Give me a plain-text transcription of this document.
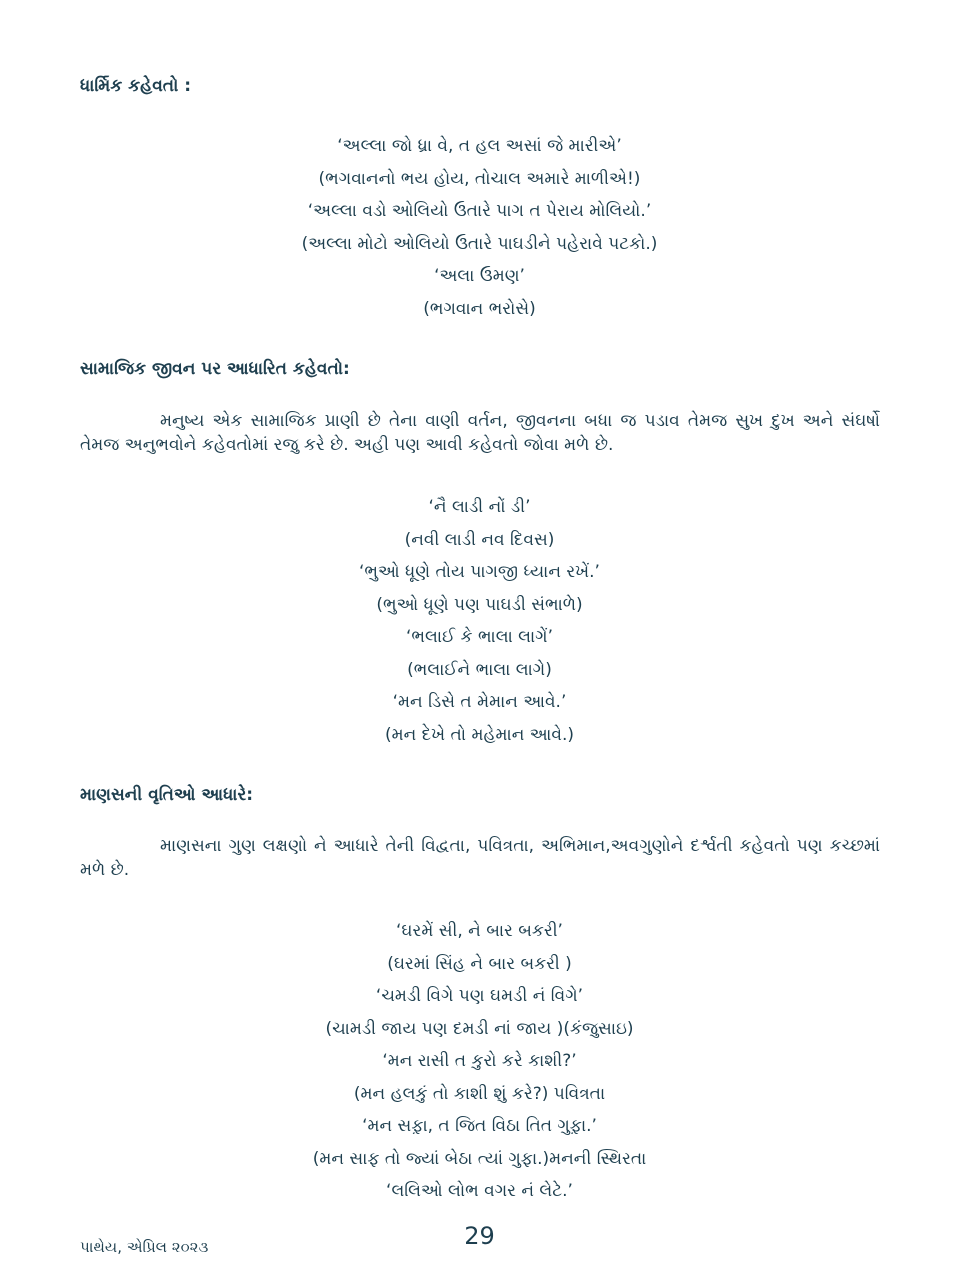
ધાર્મિક કહેવતો :
‘અલ્લા જો ધ્રા વે, ત હલ અસાં જે મારીએ’
(ભગવાનનો ભય હોય, તોચાલ અમારે માળીએ!)
‘અલ્લા વડો ઓલિયો ઉતારે પાગ ત પેરાય મોલિયો.’
(અલ્લા મોટો ઓલિયો ઉતારે પાઘડીને પહેરાવે પટકો.)
‘અલા ઉમણ’
(ભગવાન ભરોસે)
સામાજિક જીવન પર આધારિત કહેવતો:
મનુષ્ય એક સામાજિક પ્રાણી છે તેના વાણી વર્તન, જીવનના બધા જ પડાવ તેમજ સુખ દુખ અને સંઘર્ષો તેમજ અનુભવોને કહેવતોમાં રજુ કરે છે. અહી પણ આવી કહેવતો જોવા મળે છે.
‘નૈ લાડી નોં ડી’
(નવી લાડી નવ દિવસ)
‘ભુઓ ધૂણે તોય પાગજી ધ્યાન રખેં.’
(ભુઓ ધૂણે પણ પાઘડી સંભાળે)
‘ભલાઈ કે ભાલા લાગેં’
(ભલાઈને ભાલા લાગે)
‘મન ડિસે ત મેમાન આવે.’
(મન દેખે તો મહેમાન આવે.)
માણસની વૃતિઓ આધારે:
માણસના ગુણ લક્ષણો ને આધારે તેની વિદ્વતા, પવિત્રતા, અભિમાન,અવગુણોને દર્શ્વતી કહેવતો પણ કચ્છમાં મળે છે.
‘ઘરમેં સી, ને બાર બકરી’
(ઘરમાં સિંહ ને બાર બકરી )
‘ચમડી વિગે પણ ઘમડી નં વિગે’
(ચામડી જાય પણ દમડી નાં જાય )(કંજુસાઇ)
‘મન રાસી ત કુરો કરે કાશી?’
(મન હલકું તો કાશી શું કરે?) પવિત્રતા
‘મન સફ઼ા, ત જિત વિઠા તિત ગુફ઼ા.’
(મન સાફ તો જ્યાં બેઠા ત્યાં ગુફા.)મનની સ્થિરતા
‘લલિઓ લોભ વગર નં લેટે.’
પાથેય, એપ્રિલ ૨૦૨૩	29
